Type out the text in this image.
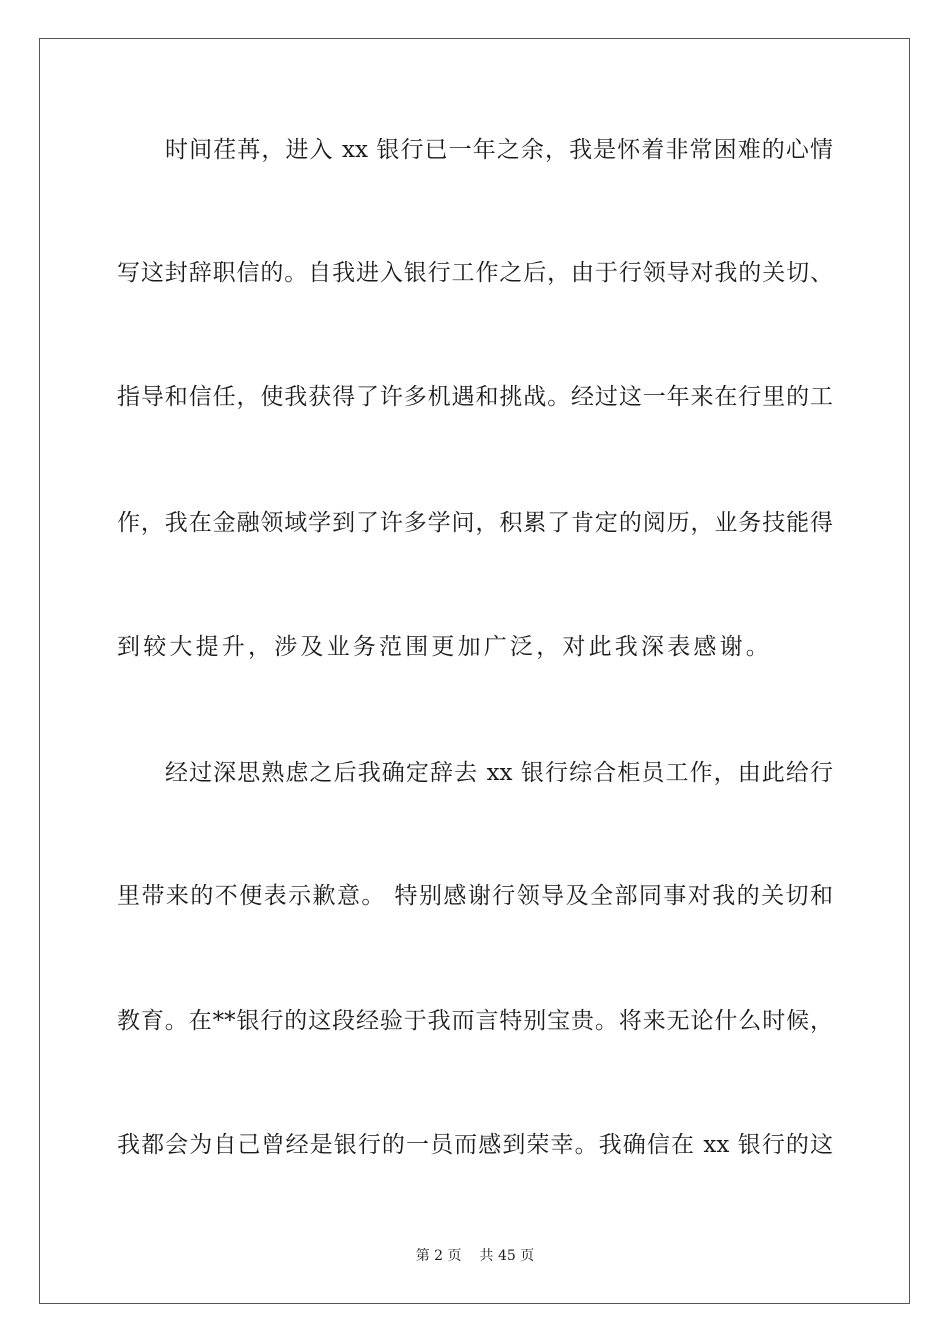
时间荏苒，进入 xx 银行已一年之余，我是怀着非常困难的心情
写这封辞职信的。自我进入银行工作之后，由于行领导对我的关切、
指导和信任，使我获得了许多机遇和挑战。经过这一年来在行里的工
作，我在金融领域学到了许多学问，积累了肯定的阅历，业务技能得
到较大提升，涉及业务范围更加广泛，对此我深表感谢。
经过深思熟虑之后我确定辞去 xx 银行综合柜员工作，由此给行
里带来的不便表示歉意。 特别感谢行领导及全部同事对我的关切和
教育。在**银行的这段经验于我而言特别宝贵。将来无论什么时候，
我都会为自己曾经是银行的一员而感到荣幸。我确信在 xx 银行的这
第 2 页 共 45 页
